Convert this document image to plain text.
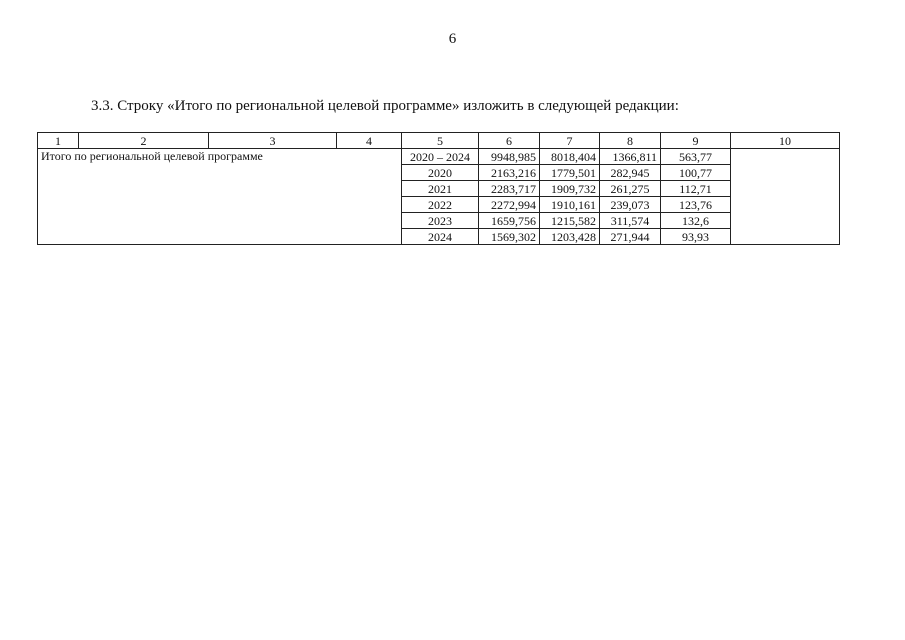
6
3.3. Строку «Итого по региональной целевой программе» изложить в следующей редакции:
1	2	3	4	5	6	7	8	9	10
Итого по региональной целевой программе				2020 – 2024	9948,985	8018,404	1366,811	563,77	
				2020	2163,216	1779,501	282,945	100,77	
				2021	2283,717	1909,732	261,275	112,71	
				2022	2272,994	1910,161	239,073	123,76	
				2023	1659,756	1215,582	311,574	132,6	
				2024	1569,302	1203,428	271,944	93,93	
